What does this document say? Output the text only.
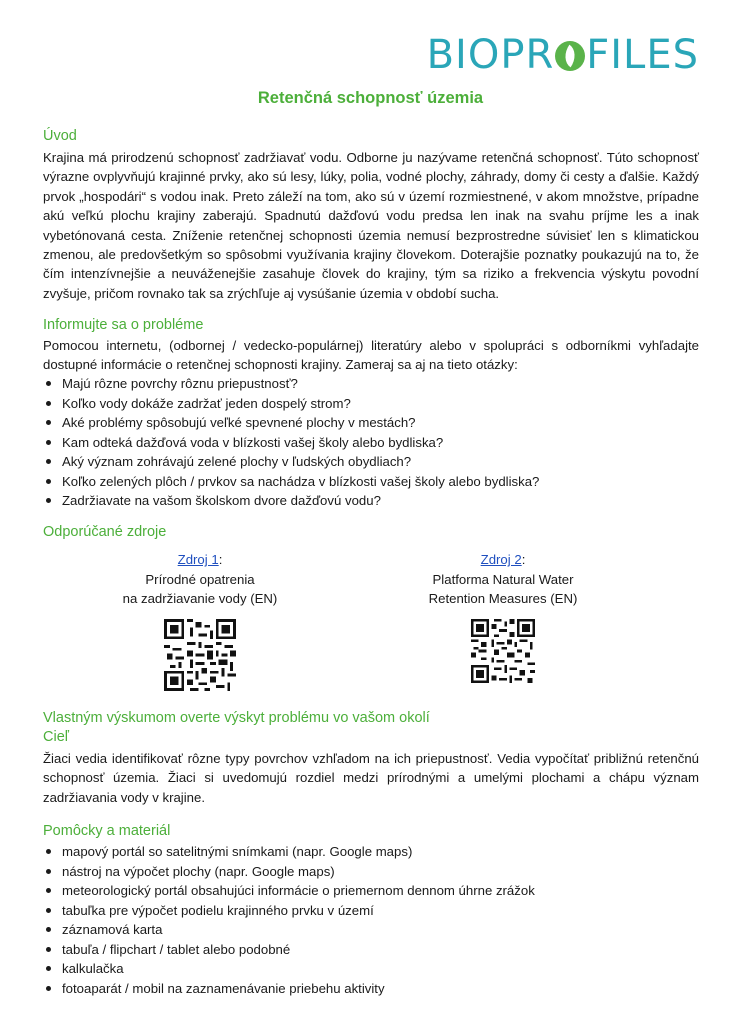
BIOPR FILES
Retenčná schopnosť územia
Úvod

Krajina má prirodzenú schopnosť zadržiavať vodu. Odborne ju nazývame retenčná schopnosť. Túto schopnosť výrazne ovplyvňujú krajinné prvky, ako sú lesy, lúky, polia, vodné plochy, záhrady, domy či cesty a ďalšie. Každý prvok „hospodári“ s vodou inak. Preto záleží na tom, ako sú v území rozmiestnené, v akom množstve, prípadne akú veľkú plochu krajiny zaberajú. Spadnutú dažďovú vodu predsa len inak na svahu príjme les a inak vybetónovaná cesta. Zníženie retenčnej schopnosti územia nemusí bezprostredne súvisieť len s klimatickou zmenou, ale predovšetkým so spôsobmi využívania krajiny človekom. Doterajšie poznatky poukazujú na to, že čím intenzívnejšie a neuváženejšie zasahuje človek do krajiny, tým sa riziko a frekvencia výskytu povodní zvyšuje, pričom rovnako tak sa zrýchľuje aj vysúšanie územia v období sucha.

Informujte sa o probléme

Pomocou internetu, (odbornej / vedecko-populárnej) literatúry alebo v spolupráci s odborníkmi vyhľadajte dostupné informácie o retenčnej schopnosti krajiny. Zameraj sa aj na tieto otázky:

Majú rôzne povrchy rôznu priepustnosť?
Koľko vody dokáže zadržať jeden dospelý strom?
Aké problémy spôsobujú veľké spevnené plochy v mestách?
Kam odteká dažďová voda v blízkosti vašej školy alebo bydliska?
Aký význam zohrávajú zelené plochy v ľudských obydliach?
Koľko zelených plôch / prvkov sa nachádza v blízkosti vašej školy alebo bydliska?
Zadržiavate na vašom školskom dvore dažďovú vodu?
Odporúčané zdroje
Zdroj 1:
Prírodné opatrenia
na zadržiavanie vody (EN)
Zdroj 2:
Platforma Natural Water
Retention Measures (EN)
Vlastným výskumom overte výskyt problému vo vašom okolí
Cieľ

Žiaci vedia identifikovať rôzne typy povrchov vzhľadom na ich priepustnosť. Vedia vypočítať približnú retenčnú schopnosť územia. Žiaci si uvedomujú rozdiel medzi prírodnými a umelými plochami a chápu význam zadržiavania vody v krajine.

Pomôcky a materiál
mapový portál so satelitnými snímkami (napr. Google maps)
nástroj na výpočet plochy (napr. Google maps)
meteorologický portál obsahujúci informácie o priemernom dennom úhrne zrážok
tabuľka pre výpočet podielu krajinného prvku v území
záznamová karta
tabuľa / flipchart / tablet alebo podobné
kalkulačka
fotoaparát / mobil na zaznamenávanie priebehu aktivity
